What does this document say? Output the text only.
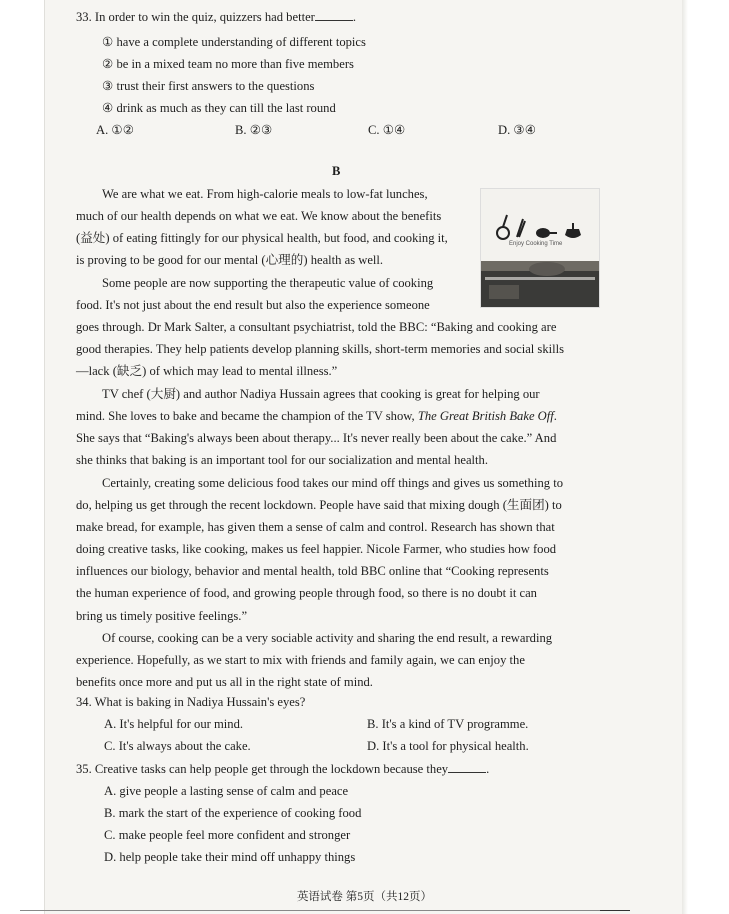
33. In order to win the quiz, quizzers had better	.
① have a complete understanding of different topics
② be in a mixed team no more than five members
③ trust their first answers to the questions
④ drink as much as they can till the last round
A. ①②	B. ②③	C. ①④	D. ③④
B
Enjoy Cooking Time
We are what we eat. From high-calorie meals to low-fat lunches,
much of our health depends on what we eat. We know about the benefits
(益处) of eating fittingly for our physical health, but food, and cooking it,
is proving to be good for our mental (心理的) health as well.
Some people are now supporting the therapeutic value of cooking
food. It's not just about the end result but also the experience someone
goes through. Dr Mark Salter, a consultant psychiatrist, told the BBC: “Baking and cooking are
good therapies. They help patients develop planning skills, short-term memories and social skills
—lack (缺乏) of which may lead to mental illness.”
TV chef (大厨) and author Nadiya Hussain agrees that cooking is great for helping our
mind. She loves to bake and became the champion of the TV show, The Great British Bake Off.
She says that “Baking's always been about therapy... It's never really been about the cake.” And
she thinks that baking is an important tool for our socialization and mental health.
Certainly, creating some delicious food takes our mind off things and gives us something to
do, helping us get through the recent lockdown. People have said that mixing dough (生面团) to
make bread, for example, has given them a sense of calm and control. Research has shown that
doing creative tasks, like cooking, makes us feel happier. Nicole Farmer, who studies how food
influences our biology, behavior and mental health, told BBC online that “Cooking represents
the human experience of food, and growing people through food, so there is no doubt it can
bring us timely positive feelings.”
Of course, cooking can be a very sociable activity and sharing the end result, a rewarding
experience. Hopefully, as we start to mix with friends and family again, we can enjoy the
benefits once more and put us all in the right state of mind.
34. What is baking in Nadiya Hussain's eyes?
A. It's helpful for our mind.	B. It's a kind of TV programme.
C. It's always about the cake.	D. It's a tool for physical health.
35. Creative tasks can help people get through the lockdown because they	.
A. give people a lasting sense of calm and peace
B. mark the start of the experience of cooking food
C. make people feel more confident and stronger
D. help people take their mind off unhappy things
英语试卷 第5页（共12页）
